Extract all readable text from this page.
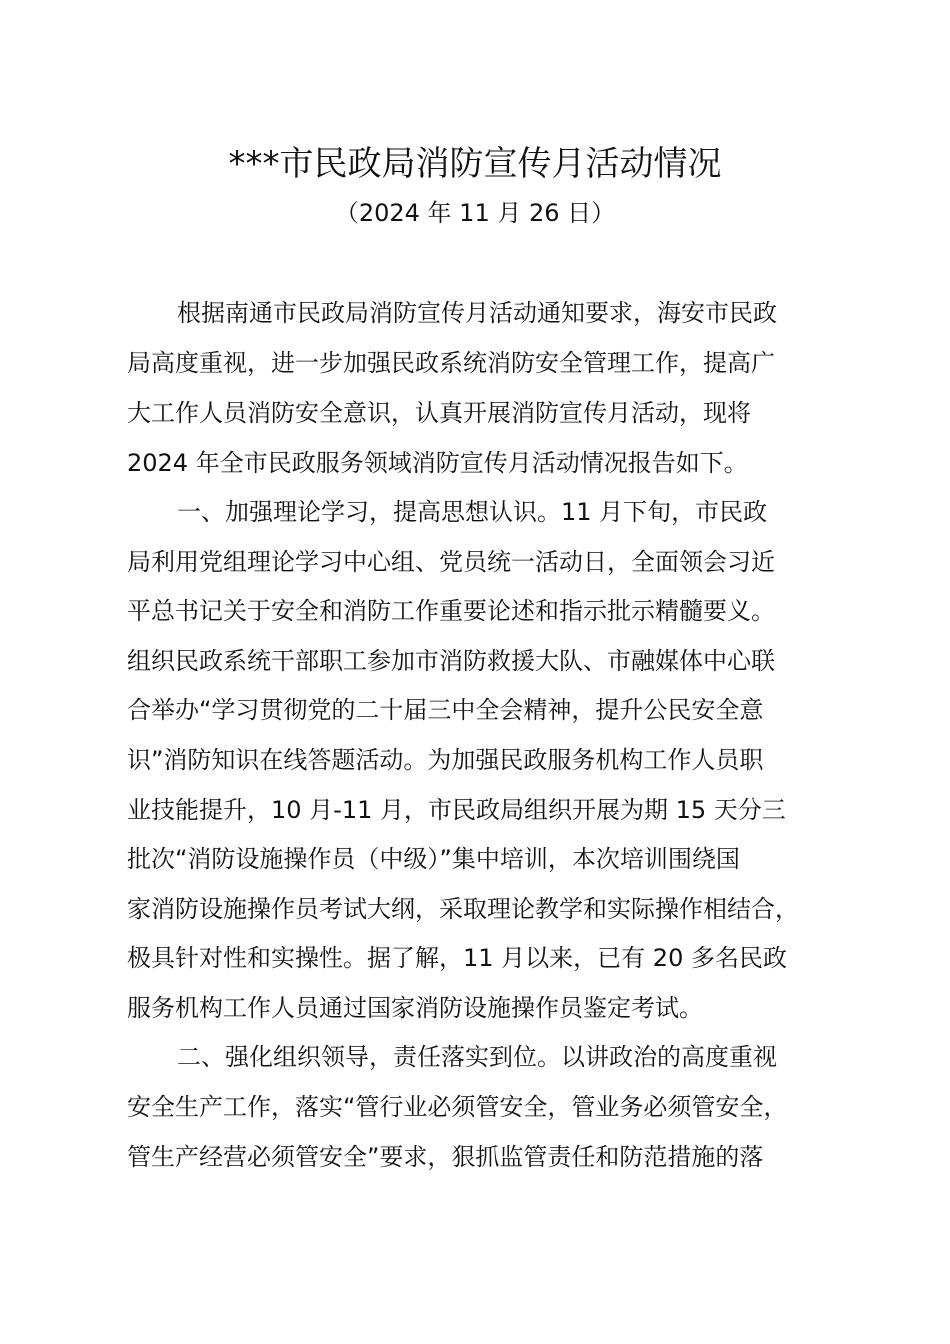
***市民政局消防宣传月活动情况
（2024 年 11 月 26 日）
根据南通市民政局消防宣传月活动通知要求，海安市民政
局高度重视，进一步加强民政系统消防安全管理工作，提高广
大工作人员消防安全意识，认真开展消防宣传月活动，现将
2024 年全市民政服务领域消防宣传月活动情况报告如下。
一、加强理论学习，提高思想认识。11 月下旬，市民政
局利用党组理论学习中心组、党员统一活动日，全面领会习近
平总书记关于安全和消防工作重要论述和指示批示精髓要义。
组织民政系统干部职工参加市消防救援大队、市融媒体中心联
合举办“学习贯彻党的二十届三中全会精神，提升公民安全意
识”消防知识在线答题活动。为加强民政服务机构工作人员职
业技能提升，10 月-11 月，市民政局组织开展为期 15 天分三
批次“消防设施操作员（中级）”集中培训，本次培训围绕国
家消防设施操作员考试大纲，采取理论教学和实际操作相结合，
极具针对性和实操性。据了解，11 月以来，已有 20 多名民政
服务机构工作人员通过国家消防设施操作员鉴定考试。
二、强化组织领导，责任落实到位。以讲政治的高度重视
安全生产工作，落实“管行业必须管安全，管业务必须管安全，
管生产经营必须管安全”要求，狠抓监管责任和防范措施的落
